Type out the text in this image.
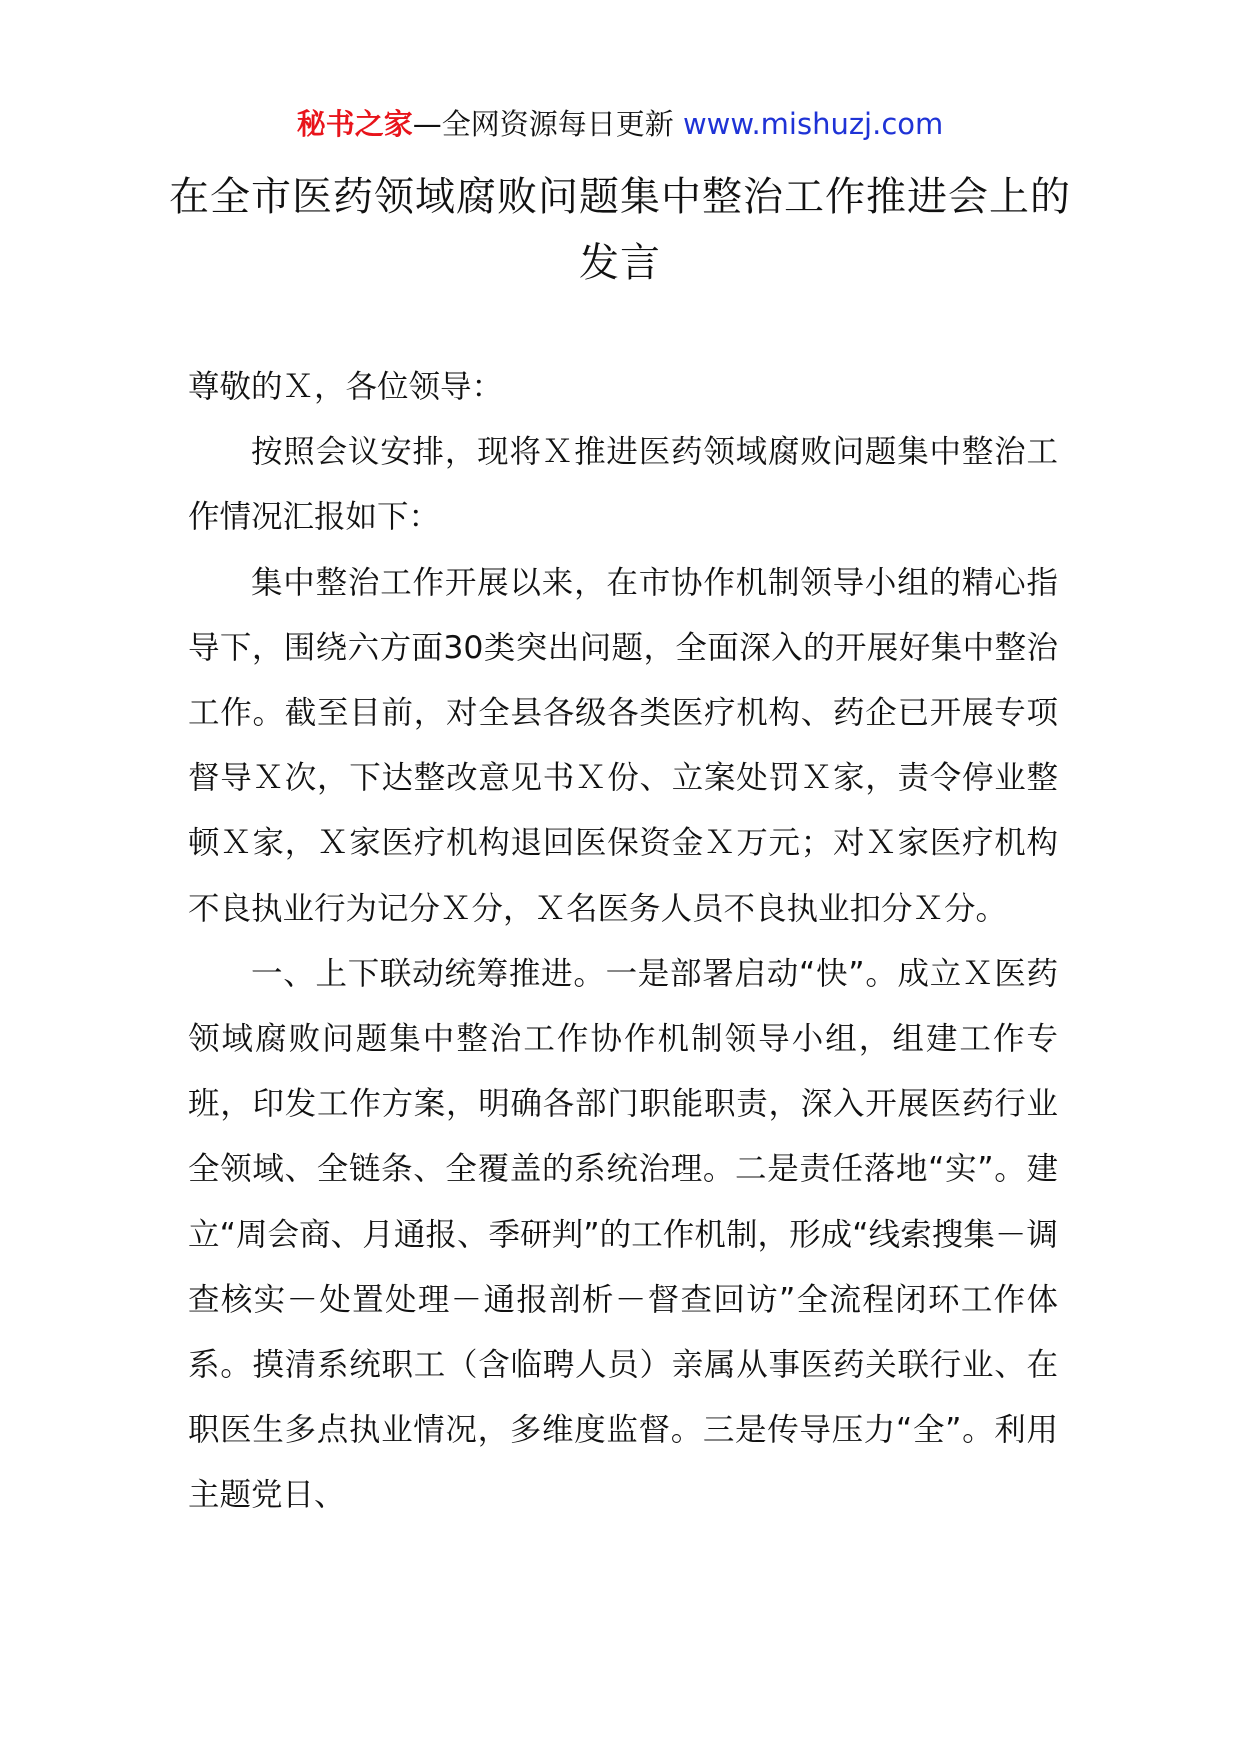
秘书之家—全网资源每日更新 www.mishuzj.com
在全市医药领域腐败问题集中整治工作推进会上的发言

尊敬的Ｘ，各位领导：

按照会议安排，现将Ｘ推进医药领域腐败问题集中整治工作情况汇报如下：

集中整治工作开展以来，在市协作机制领导小组的精心指导下，围绕六方面30类突出问题，全面深入的开展好集中整治工作。截至目前，对全县各级各类医疗机构、药企已开展专项督导Ｘ次，下达整改意见书Ｘ份、立案处罚Ｘ家，责令停业整顿Ｘ家，Ｘ家医疗机构退回医保资金Ｘ万元；对Ｘ家医疗机构不良执业行为记分Ｘ分，Ｘ名医务人员不良执业扣分Ｘ分。

一、上下联动统筹推进。一是部署启动“快”。成立Ｘ医药领域腐败问题集中整治工作协作机制领导小组，组建工作专班，印发工作方案，明确各部门职能职责，深入开展医药行业全领域、全链条、全覆盖的系统治理。二是责任落地“实”。建立“周会商、月通报、季研判”的工作机制，形成“线索搜集－调查核实－处置处理－通报剖析－督查回访”全流程闭环工作体系。摸清系统职工（含临聘人员）亲属从事医药关联行业、在职医生多点执业情况，多维度监督。三是传导压力“全”。利用主题党日、
